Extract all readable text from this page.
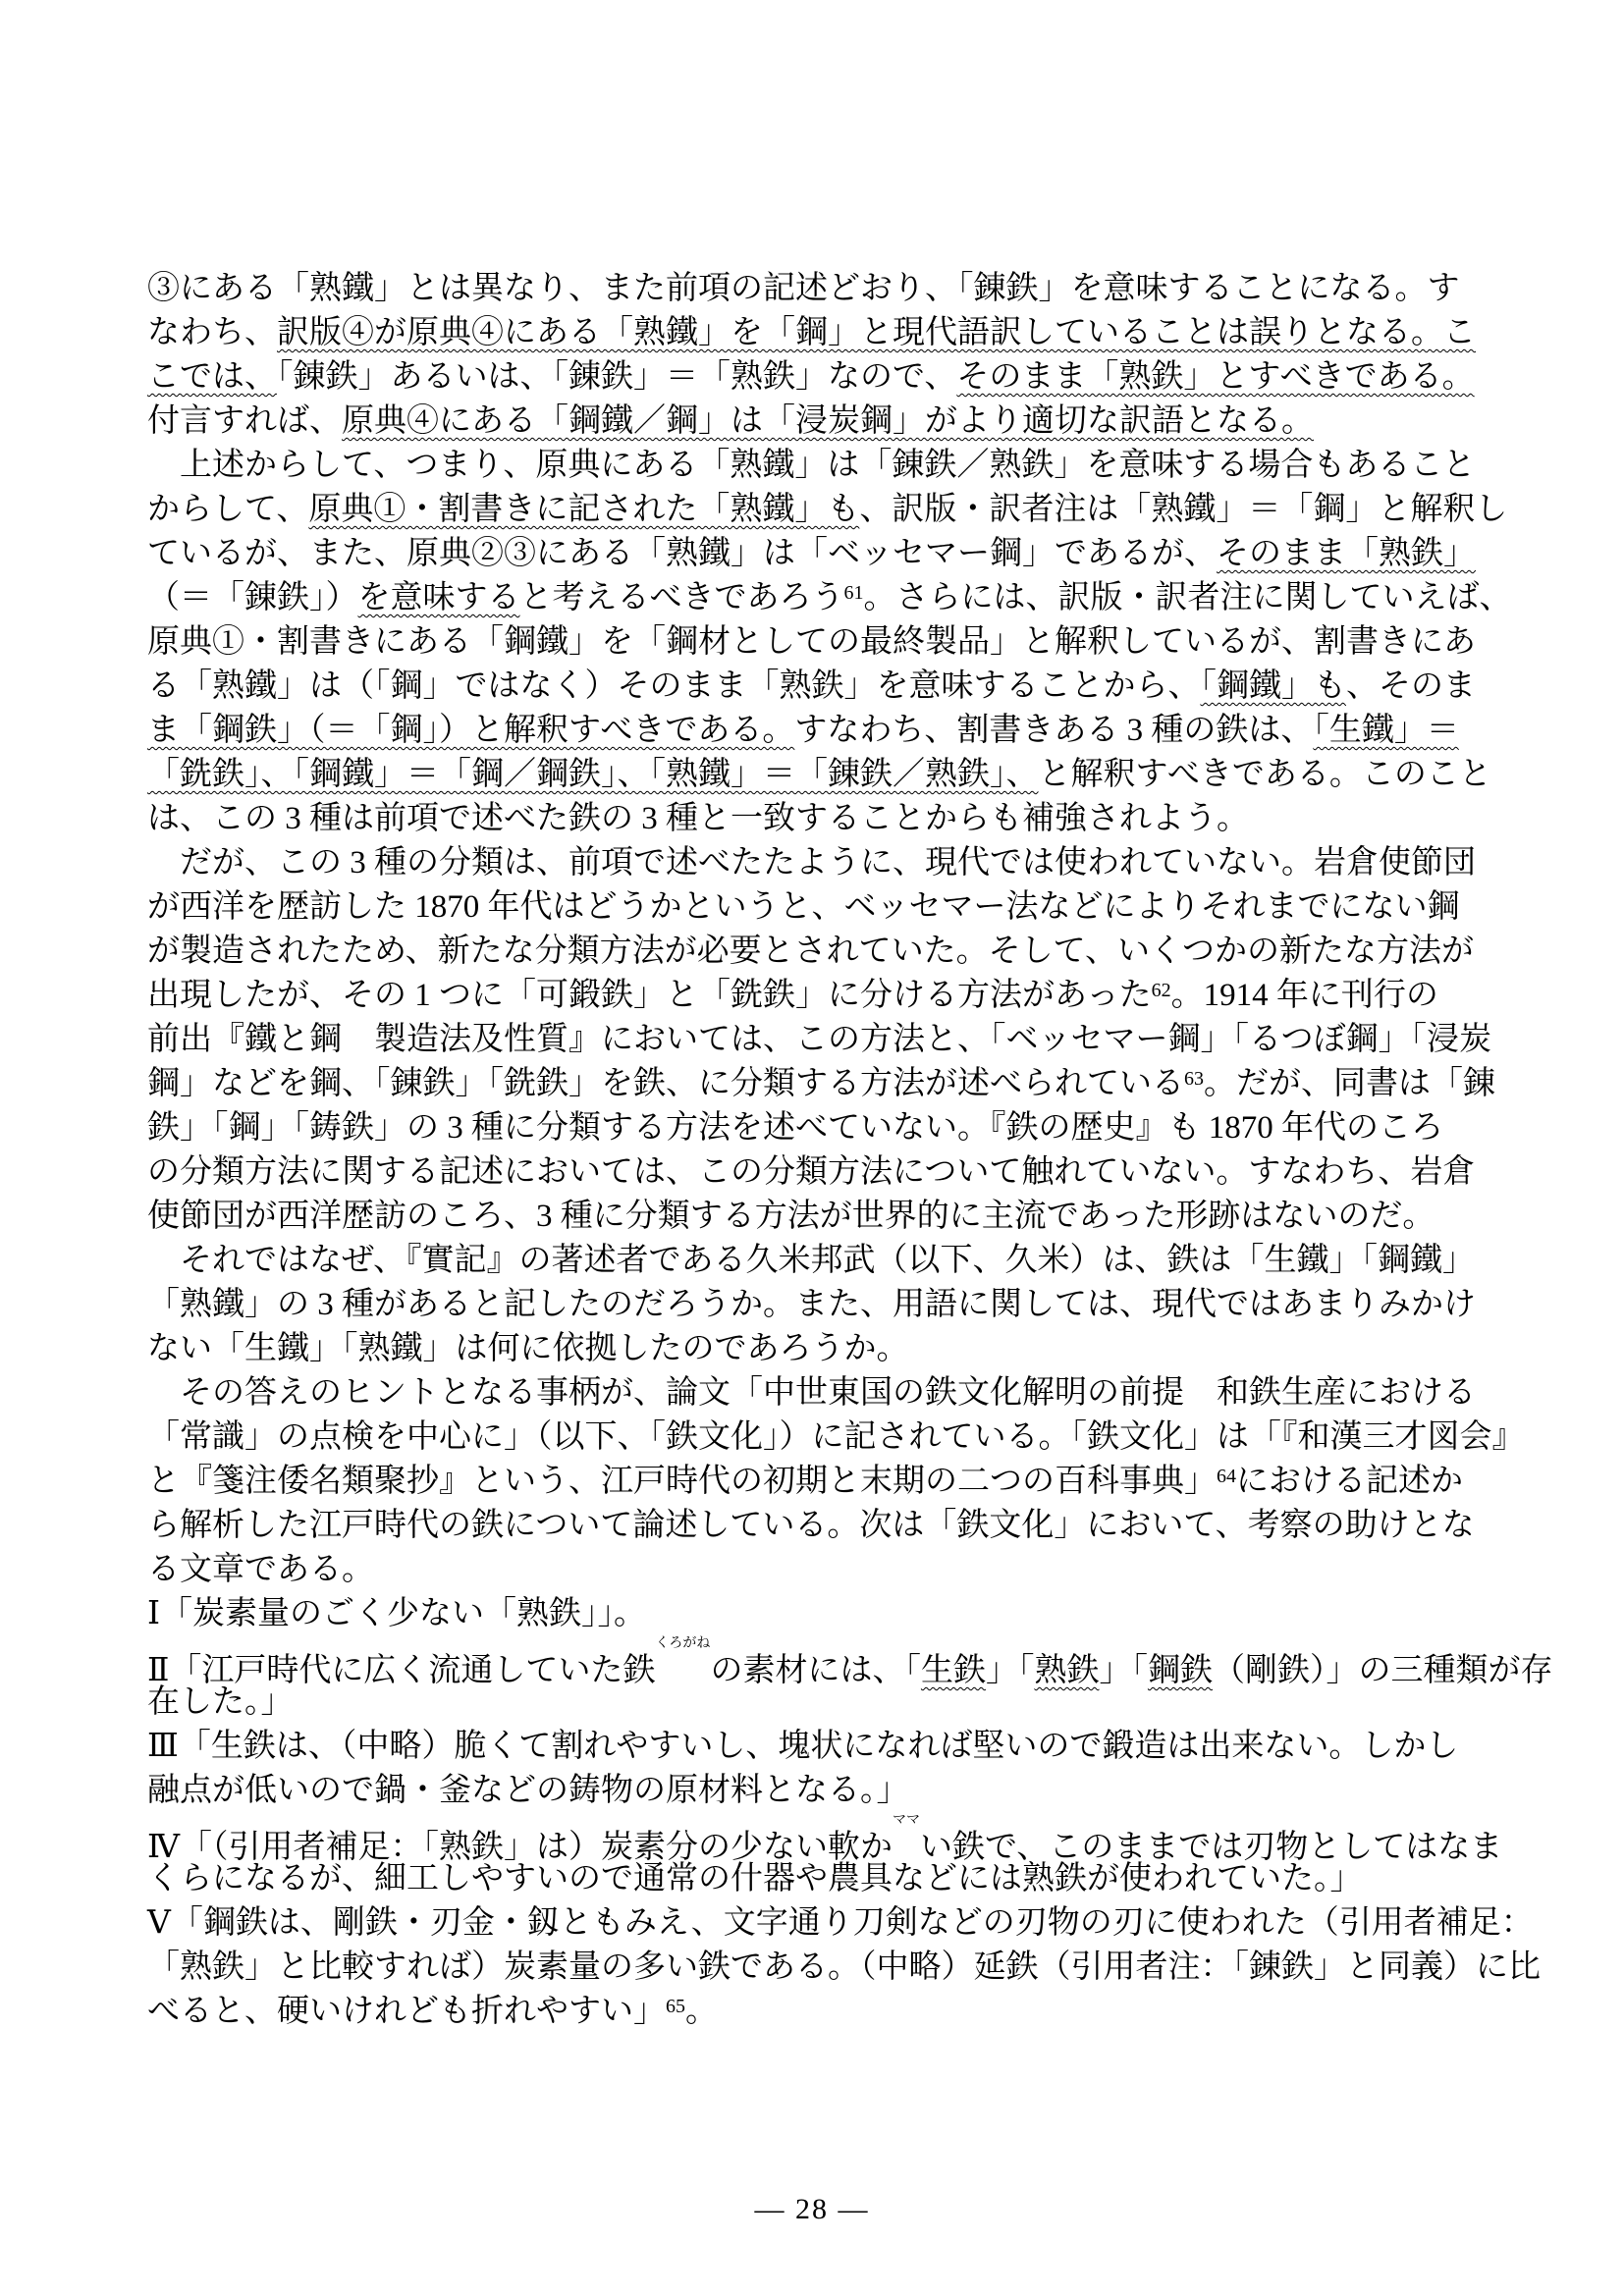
③にある「熟鐵」とは異なり、また前項の記述どおり、「錬鉄」を意味することになる。す
なわち、訳版④が原典④にある「熟鐵」を「鋼」と現代語訳していることは誤りとなる。こ
こでは、「錬鉄」あるいは、「錬鉄」＝「熟鉄」なので、そのまま「熟鉄」とすべきである。
付言すれば、原典④にある「鋼鐵／鋼」は「浸炭鋼」がより適切な訳語となる。
　上述からして、つまり、原典にある「熟鐵」は「錬鉄／熟鉄」を意味する場合もあること
からして、原典①・割書きに記された「熟鐵」も、訳版・訳者注は「熟鐵」＝「鋼」と解釈し
ているが、また、原典②③にある「熟鐵」は「ベッセマー鋼」であるが、そのまま「熟鉄」
（＝「錬鉄」）を意味すると考えるべきであろう$^{61}$。さらには、訳版・訳者注に関していえば、
原典①・割書きにある「鋼鐵」を「鋼材としての最終製品」と解釈しているが、割書きにあ
る「熟鐵」は（「鋼」ではなく）そのまま「熟鉄」を意味することから、「鋼鐵」も、そのま
ま「鋼鉄」（＝「鋼」）と解釈すべきである。すなわち、割書きある 3 種の鉄は、「生鐵」＝
「銑鉄」、「鋼鐵」＝「鋼／鋼鉄」、「熟鐵」＝「錬鉄／熟鉄」、と解釈すべきである。このこと
は、この 3 種は前項で述べた鉄の 3 種と一致することからも補強されよう。
　だが、この 3 種の分類は、前項で述べたたように、現代では使われていない。岩倉使節団
が西洋を歴訪した 1870 年代はどうかというと、ベッセマー法などによりそれまでにない鋼
が製造されたため、新たな分類方法が必要とされていた。そして、いくつかの新たな方法が
出現したが、その 1 つに「可鍛鉄」と「銑鉄」に分ける方法があった$^{62}$。1914 年に刊行の
前出『鐵と鋼　製造法及性質』においては、この方法と、「ベッセマー鋼」「るつぼ鋼」「浸炭
鋼」などを鋼、「錬鉄」「銑鉄」を鉄、に分類する方法が述べられている$^{63}$。だが、同書は「錬
鉄」「鋼」「鋳鉄」の 3 種に分類する方法を述べていない。『鉄の歴史』も 1870 年代のころ
の分類方法に関する記述においては、この分類方法について触れていない。すなわち、岩倉
使節団が西洋歴訪のころ、3 種に分類する方法が世界的に主流であった形跡はないのだ。
　それではなぜ、『實記』の著述者である久米邦武（以下、久米）は、鉄は「生鐵」「鋼鐵」
「熟鐵」の 3 種があると記したのだろうか。また、用語に関しては、現代ではあまりみかけ
ない「生鐵」「熟鐵」は何に依拠したのであろうか。
　その答えのヒントとなる事柄が、論文「中世東国の鉄文化解明の前提　和鉄生産における
「常識」の点検を中心に」（以下、「鉄文化」）に記されている。「鉄文化」は「『和漢三才図会』
と『箋注倭名類聚抄』という、江戸時代の初期と末期の二つの百科事典」$^{64}$における記述か
ら解析した江戸時代の鉄について論述している。次は「鉄文化」において、考察の助けとな
る文章である。
Ⅰ「炭素量のごく少ない「熟鉄」」。
Ⅱ「江戸時代に広く流通していた鉄くろがねの素材には、「生鉄」「熟鉄」「鋼鉄（剛鉄）」の三種類が存
在した。」
Ⅲ「生鉄は、（中略）脆くて割れやすいし、塊状になれば堅いので鍛造は出来ない。しかし
融点が低いので鍋・釜などの鋳物の原材料となる。」
Ⅳ「（引用者補足：「熟鉄」は）炭素分の少ない軟かママい鉄で、このままでは刃物としてはなま
くらになるが、細工しやすいので通常の什器や農具などには熟鉄が使われていた。」
Ⅴ「鋼鉄は、剛鉄・刃金・釼ともみえ、文字通り刀剣などの刃物の刃に使われた（引用者補足：
「熟鉄」と比較すれば）炭素量の多い鉄である。（中略）延鉄（引用者注：「錬鉄」と同義）に比
べると、硬いけれども折れやすい」$^{65}$。
— 28 —
